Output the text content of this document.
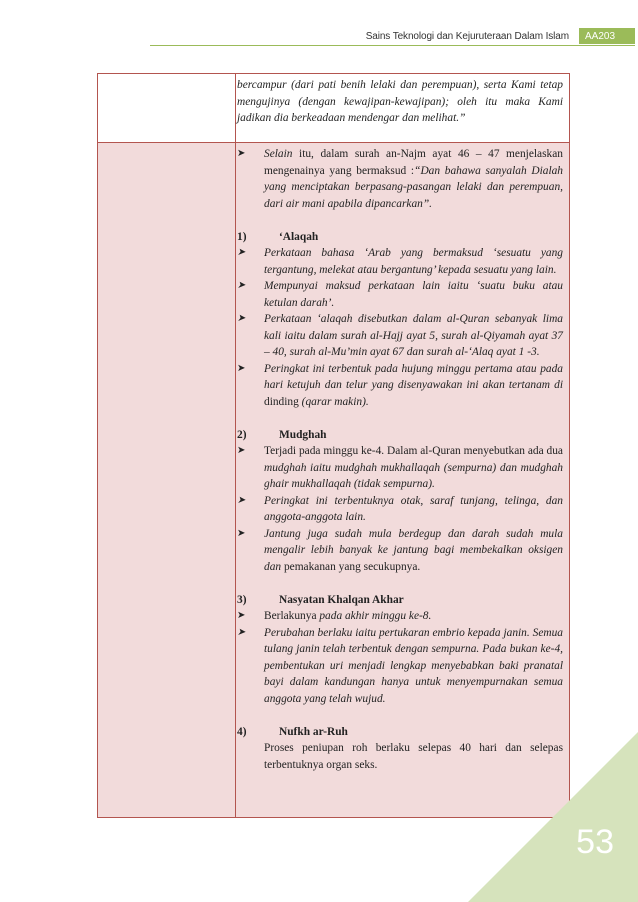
Sains Teknologi dan Kejuruteraan Dalam Islam	AA203

bercampur (dari pati benih lelaki dan perempuan), serta Kami tetap mengujinya (dengan kewajipan-kewajipan); oleh itu maka Kami jadikan dia berkeadaan mendengar dan melihat.”

➤ Selain itu, dalam surah an-Najm ayat 46 – 47 menjelaskan mengenainya yang bermaksud :“Dan bahawa sanyalah Dialah yang menciptakan berpasang-pasangan lelaki dan perempuan, dari air mani apabila dipancarkan”.

1)	‘Alaqah

➤ Perkataan bahasa ‘Arab yang bermaksud ‘sesuatu yang tergantung, melekat atau bergantung’ kepada sesuatu yang lain.

➤ Mempunyai maksud perkataan lain iaitu ‘suatu buku atau ketulan darah’.

➤ Perkataan ‘alaqah disebutkan dalam al-Quran sebanyak lima kali iaitu dalam surah al-Hajj ayat 5, surah al-Qiyamah ayat 37 – 40, surah al-Mu’min ayat 67 dan surah al-‘Alaq ayat 1 -3.

➤ Peringkat ini terbentuk pada hujung minggu pertama atau pada hari ketujuh dan telur yang disenyawakan ini akan tertanam di dinding (qarar makin).

2)	Mudghah

➤ Terjadi pada minggu ke-4. Dalam al-Quran menyebutkan ada dua mudghah iaitu mudghah mukhallaqah (sempurna) dan mudghah ghair mukhallaqah (tidak sempurna).

➤ Peringkat ini terbentuknya otak, saraf tunjang, telinga, dan anggota-anggota lain.

➤ Jantung juga sudah mula berdegup dan darah sudah mula mengalir lebih banyak ke jantung bagi membekalkan oksigen dan pemakanan yang secukupnya.

3)	Nasyatan Khalqan Akhar

➤ Berlakunya pada akhir minggu ke-8.

➤ Perubahan berlaku iaitu pertukaran embrio kepada janin. Semua tulang janin telah terbentuk dengan sempurna. Pada bukan ke-4, pembentukan uri menjadi lengkap menyebabkan baki pranatal bayi dalam kandungan hanya untuk menyempurnakan semua anggota yang telah wujud.

4)	Nufkh ar-Ruh

Proses peniupan roh berlaku selepas 40 hari dan selepas terbentuknya organ seks.

53
